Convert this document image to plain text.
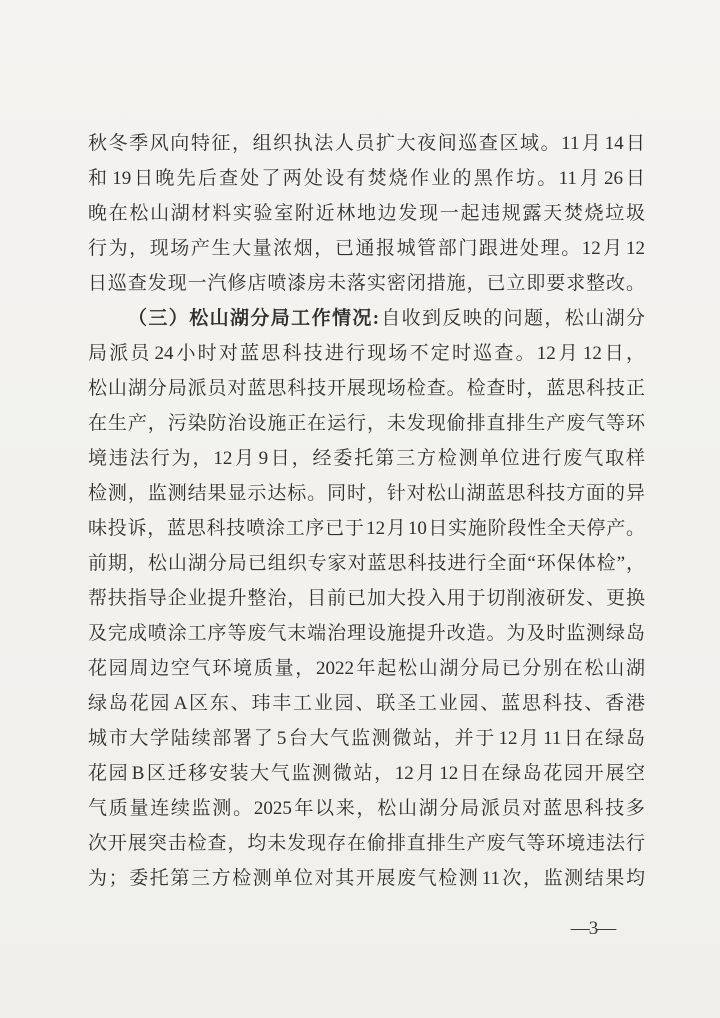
秋冬季风向特征，组织执法人员扩大夜间巡查区域。11 月 14 日
和 19 日晚先后查处了两处设有焚烧作业的黑作坊。11 月 26 日
晚在松山湖材料实验室附近林地边发现一起违规露天焚烧垃圾
行为，现场产生大量浓烟，已通报城管部门跟进处理。12 月 12
日巡查发现一汽修店喷漆房未落实密闭措施，已立即要求整改。
（三）松山湖分局工作情况: 自收到反映的问题，松山湖分
局派员 24 小时对蓝思科技进行现场不定时巡查。12 月 12 日，
松山湖分局派员对蓝思科技开展现场检查。检查时，蓝思科技正
在生产，污染防治设施正在运行，未发现偷排直排生产废气等环
境违法行为，12 月 9 日，经委托第三方检测单位进行废气取样
检测，监测结果显示达标。同时，针对松山湖蓝思科技方面的异
味投诉，蓝思科技喷涂工序已于 12 月 10 日实施阶段性全天停产。
前期，松山湖分局已组织专家对蓝思科技进行全面“环保体检”，
帮扶指导企业提升整治，目前已加大投入用于切削液研发、更换
及完成喷涂工序等废气末端治理设施提升改造。为及时监测绿岛
花园周边空气环境质量，2022 年起松山湖分局已分别在松山湖
绿岛花园 A 区东、玮丰工业园、联圣工业园、蓝思科技、香港
城市大学陆续部署了 5 台大气监测微站，并于 12 月 11 日在绿岛
花园 B 区迁移安装大气监测微站，12 月 12 日在绿岛花园开展空
气质量连续监测。2025 年以来，松山湖分局派员对蓝思科技多
次开展突击检查，均未发现存在偷排直排生产废气等环境违法行
为；委托第三方检测单位对其开展废气检测 11 次，监测结果均
—3—
